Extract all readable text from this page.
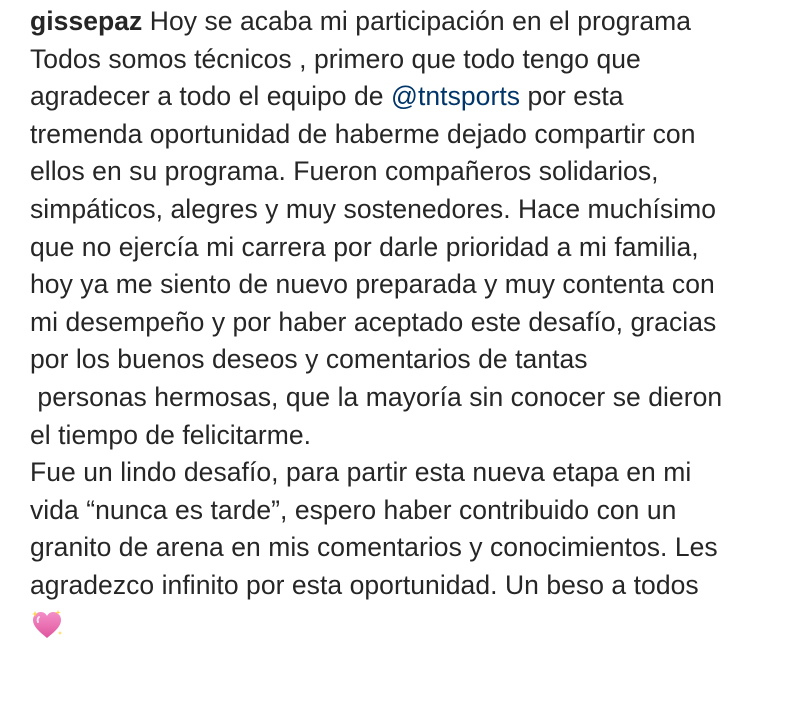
gissepaz Hoy se acaba mi participación en el programa
Todos somos técnicos , primero que todo tengo que
agradecer a todo el equipo de @tntsports por esta
tremenda oportunidad de haberme dejado compartir con
ellos en su programa. Fueron compañeros solidarios,
simpáticos, alegres y muy sostenedores. Hace muchísimo
que no ejercía mi carrera por darle prioridad a mi familia,
hoy ya me siento de nuevo preparada y muy contenta con
mi desempeño y por haber aceptado este desafío, gracias
por los buenos deseos y comentarios de tantas
personas hermosas, que la mayoría sin conocer se dieron
el tiempo de felicitarme.
Fue un lindo desafío, para partir esta nueva etapa en mi
vida “nunca es tarde”, espero haber contribuido con un
granito de arena en mis comentarios y conocimientos. Les
agradezco infinito por esta oportunidad. Un beso a todos
